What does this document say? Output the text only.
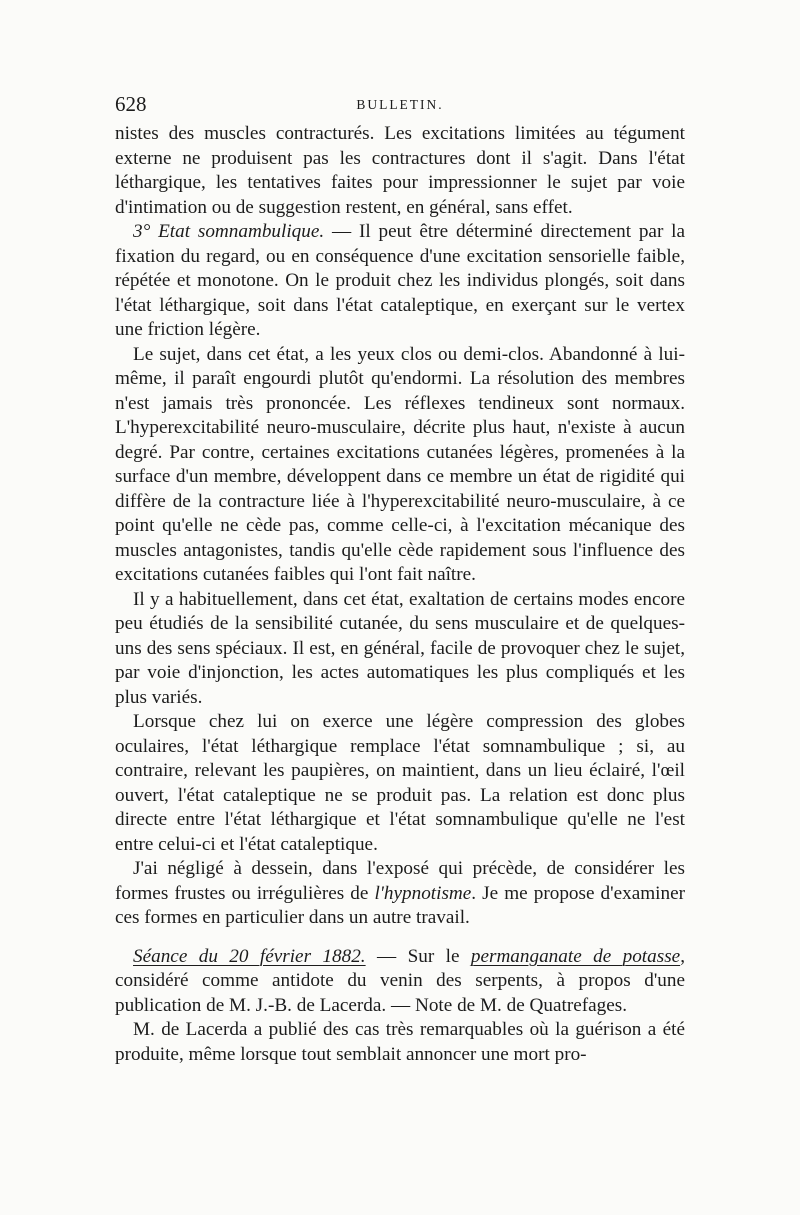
628	BULLETIN.

nistes des muscles contracturés. Les excitations limitées au tégument externe ne produisent pas les contractures dont il s'agit. Dans l'état léthargique, les tentatives faites pour impressionner le sujet par voie d'intimation ou de suggestion restent, en général, sans effet.

3° Etat somnambulique. — Il peut être déterminé directement par la fixation du regard, ou en conséquence d'une excitation sensorielle faible, répétée et monotone. On le produit chez les individus plongés, soit dans l'état léthargique, soit dans l'état cataleptique, en exerçant sur le vertex une friction légère.

Le sujet, dans cet état, a les yeux clos ou demi-clos. Abandonné à lui-même, il paraît engourdi plutôt qu'endormi. La résolution des membres n'est jamais très prononcée. Les réflexes tendineux sont normaux. L'hyperexcitabilité neuro-musculaire, décrite plus haut, n'existe à aucun degré. Par contre, certaines excitations cutanées légères, promenées à la surface d'un membre, développent dans ce membre un état de rigidité qui diffère de la contracture liée à l'hyperexcitabilité neuro-musculaire, à ce point qu'elle ne cède pas, comme celle-ci, à l'excitation mécanique des muscles antagonistes, tandis qu'elle cède rapidement sous l'influence des excitations cutanées faibles qui l'ont fait naître.

Il y a habituellement, dans cet état, exaltation de certains modes encore peu étudiés de la sensibilité cutanée, du sens musculaire et de quelques-uns des sens spéciaux. Il est, en général, facile de provoquer chez le sujet, par voie d'injonction, les actes automatiques les plus compliqués et les plus variés.

Lorsque chez lui on exerce une légère compression des globes oculaires, l'état léthargique remplace l'état somnambulique ; si, au contraire, relevant les paupières, on maintient, dans un lieu éclairé, l'œil ouvert, l'état cataleptique ne se produit pas. La relation est donc plus directe entre l'état léthargique et l'état somnambulique qu'elle ne l'est entre celui-ci et l'état cataleptique.

J'ai négligé à dessein, dans l'exposé qui précède, de considérer les formes frustes ou irrégulières de l'hypnotisme. Je me propose d'examiner ces formes en particulier dans un autre travail.

Séance du 20 février 1882. — Sur le permanganate de potasse, considéré comme antidote du venin des serpents, à propos d'une publication de M. J.-B. de Lacerda. — Note de M. de Quatrefages.

M. de Lacerda a publié des cas très remarquables où la guérison a été produite, même lorsque tout semblait annoncer une mort pro-
